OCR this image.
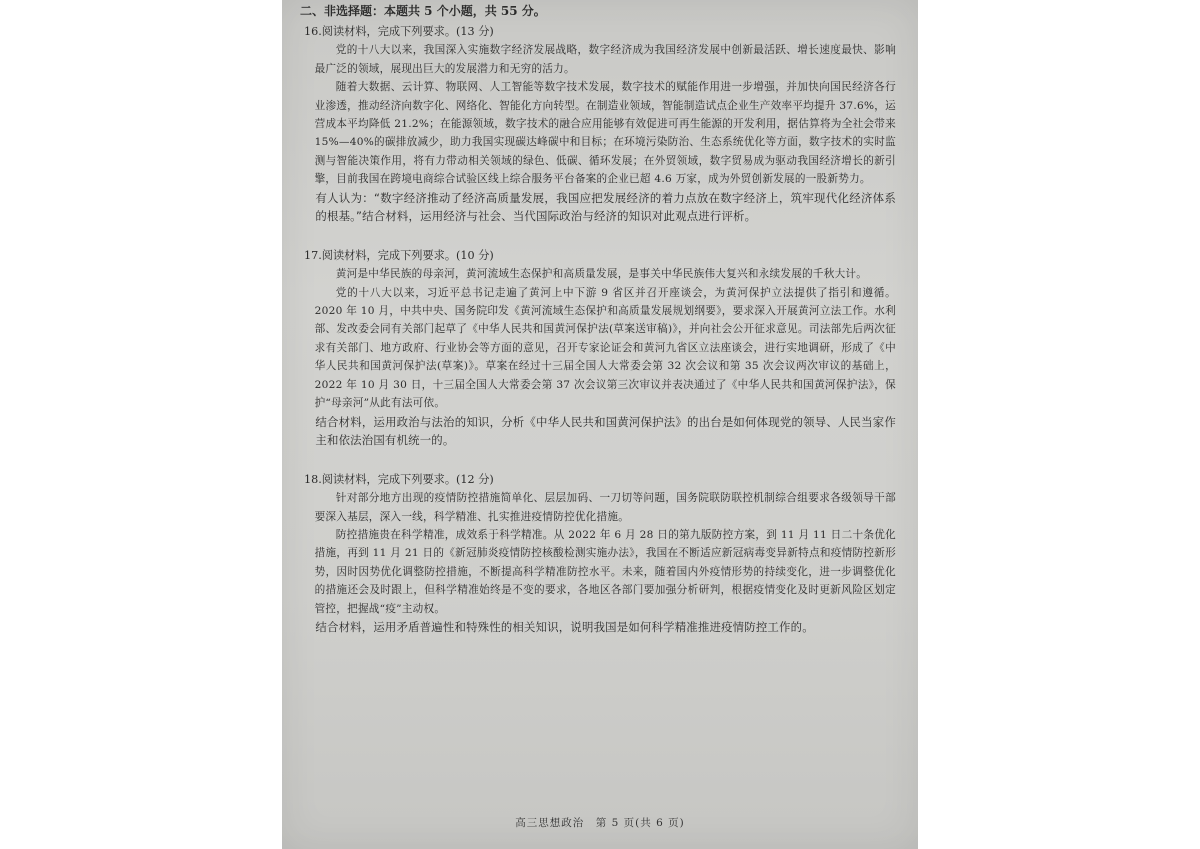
二、非选择题：本题共 5 个小题，共 55 分。

16.阅读材料，完成下列要求。(13 分)

党的十八大以来，我国深入实施数字经济发展战略，数字经济成为我国经济发展中创新最活跃、增长速度最快、影响最广泛的领域，展现出巨大的发展潜力和无穷的活力。

随着大数据、云计算、物联网、人工智能等数字技术发展，数字技术的赋能作用进一步增强，并加快向国民经济各行业渗透，推动经济向数字化、网络化、智能化方向转型。在制造业领域，智能制造试点企业生产效率平均提升 37.6%，运营成本平均降低 21.2%；在能源领域，数字技术的融合应用能够有效促进可再生能源的开发利用，据估算将为全社会带来 15%—40%的碳排放减少，助力我国实现碳达峰碳中和目标；在环境污染防治、生态系统优化等方面，数字技术的实时监测与智能决策作用，将有力带动相关领域的绿色、低碳、循环发展；在外贸领域，数字贸易成为驱动我国经济增长的新引擎，目前我国在跨境电商综合试验区线上综合服务平台备案的企业已超 4.6 万家，成为外贸创新发展的一股新势力。

有人认为：“数字经济推动了经济高质量发展，我国应把发展经济的着力点放在数字经济上，筑牢现代化经济体系的根基。”结合材料，运用经济与社会、当代国际政治与经济的知识对此观点进行评析。

17.阅读材料，完成下列要求。(10 分)

黄河是中华民族的母亲河，黄河流域生态保护和高质量发展，是事关中华民族伟大复兴和永续发展的千秋大计。

党的十八大以来，习近平总书记走遍了黄河上中下游 9 省区并召开座谈会，为黄河保护立法提供了指引和遵循。2020 年 10 月，中共中央、国务院印发《黄河流域生态保护和高质量发展规划纲要》，要求深入开展黄河立法工作。水利部、发改委会同有关部门起草了《中华人民共和国黄河保护法(草案送审稿)》，并向社会公开征求意见。司法部先后两次征求有关部门、地方政府、行业协会等方面的意见，召开专家论证会和黄河九省区立法座谈会，进行实地调研，形成了《中华人民共和国黄河保护法(草案)》。草案在经过十三届全国人大常委会第 32 次会议和第 35 次会议两次审议的基础上，2022 年 10 月 30 日，十三届全国人大常委会第 37 次会议第三次审议并表决通过了《中华人民共和国黄河保护法》，保护“母亲河”从此有法可依。

结合材料，运用政治与法治的知识，分析《中华人民共和国黄河保护法》的出台是如何体现党的领导、人民当家作主和依法治国有机统一的。

18.阅读材料，完成下列要求。(12 分)

针对部分地方出现的疫情防控措施简单化、层层加码、一刀切等问题，国务院联防联控机制综合组要求各级领导干部要深入基层，深入一线，科学精准、扎实推进疫情防控优化措施。

防控措施贵在科学精准，成效系于科学精准。从 2022 年 6 月 28 日的第九版防控方案，到 11 月 11 日二十条优化措施，再到 11 月 21 日的《新冠肺炎疫情防控核酸检测实施办法》，我国在不断适应新冠病毒变异新特点和疫情防控新形势，因时因势优化调整防控措施，不断提高科学精准防控水平。未来，随着国内外疫情形势的持续变化，进一步调整优化的措施还会及时跟上，但科学精准始终是不变的要求，各地区各部门要加强分析研判，根据疫情变化及时更新风险区划定管控，把握战“疫”主动权。

结合材料，运用矛盾普遍性和特殊性的相关知识，说明我国是如何科学精准推进疫情防控工作的。

高三思想政治　第 5 页(共 6 页)
